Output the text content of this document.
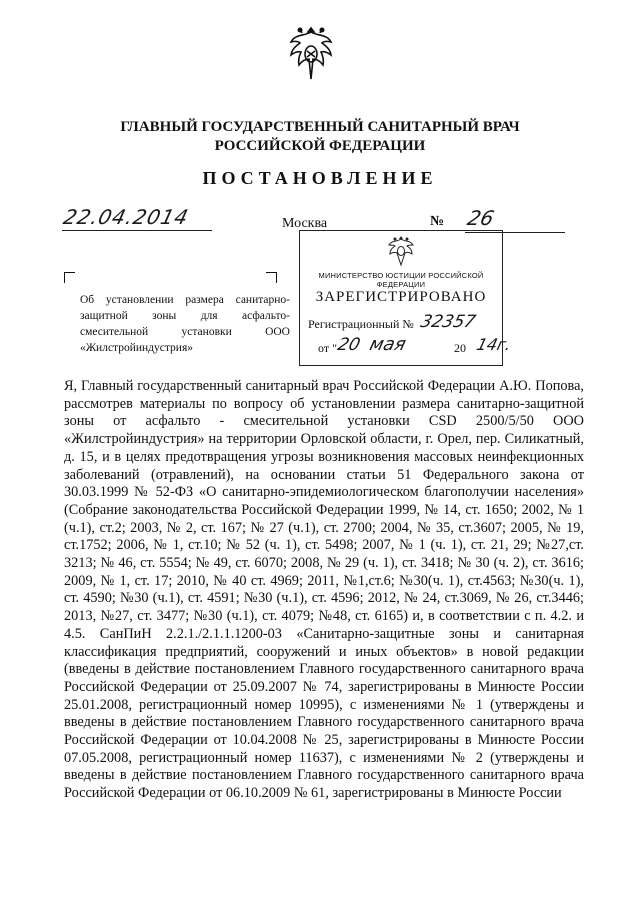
ГЛАВНЫЙ ГОСУДАРСТВЕННЫЙ САНИТАРНЫЙ ВРАЧ
РОССИЙСКОЙ ФЕДЕРАЦИИ
ПОСТАНОВЛЕНИЕ
22.04.2014	Москва	№ 26
Об установлении размера санитарно-защитной зоны для асфальто- смесительной установки ООО «Жилстройиндустрия»
МИНИСТЕРСТВО ЮСТИЦИИ РОССИЙСКОЙ ФЕДЕРАЦИИ
ЗАРЕГИСТРИРОВАНО
Регистрационный № 32357
от "
20 мая	20 14г.

Я, Главный государственный санитарный врач Российской Федерации А.Ю. Попова, рассмотрев материалы по вопросу об установлении размера санитарно-защитной зоны от асфальто - смесительной установки CSD 2500/5/50 ООО «Жилстройиндустрия» на территории Орловской области, г. Орел, пер. Силикатный, д. 15, и в целях предотвращения угрозы возникновения массовых неинфекционных заболеваний (отравлений), на основании статьи 51 Федерального закона от 30.03.1999 № 52-ФЗ «О санитарно-эпидемиологическом благополучии населения» (Собрание законодательства Российской Федерации 1999, № 14, ст. 1650; 2002, № 1 (ч.1), ст.2; 2003, № 2, ст. 167; № 27 (ч.1), ст. 2700; 2004, № 35, ст.3607; 2005, № 19, ст.1752; 2006, № 1, ст.10; № 52 (ч. 1), ст. 5498; 2007, № 1 (ч. 1), ст. 21, 29; №27,ст. 3213; № 46, ст. 5554; № 49, ст. 6070; 2008, № 29 (ч. 1), ст. 3418; № 30 (ч. 2), ст. 3616; 2009, № 1, ст. 17; 2010, № 40 ст. 4969; 2011, №1,ст.6; №30(ч. 1), ст.4563; №30(ч. 1), ст. 4590; №30 (ч.1), ст. 4591; №30 (ч.1), ст. 4596; 2012, № 24, ст.3069, № 26, ст.3446; 2013, №27, ст. 3477; №30 (ч.1), ст. 4079; №48, ст. 6165) и, в соответствии с п. 4.2. и 4.5. СанПиН 2.2.1./2.1.1.1200-03 «Санитарно-защитные зоны и санитарная классификация предприятий, сооружений и иных объектов» в новой редакции (введены в действие постановлением Главного государственного санитарного врача Российской Федерации от 25.09.2007 № 74, зарегистрированы в Минюсте России 25.01.2008, регистрационный номер 10995), с изменениями № 1 (утверждены и введены в действие постановлением Главного государственного санитарного врача Российской Федерации от 10.04.2008 № 25, зарегистрированы в Минюсте России 07.05.2008, регистрационный номер 11637), с изменениями № 2 (утверждены и введены в действие постановлением Главного государственного санитарного врача Российской Федерации от 06.10.2009 № 61, зарегистрированы в Минюсте России
